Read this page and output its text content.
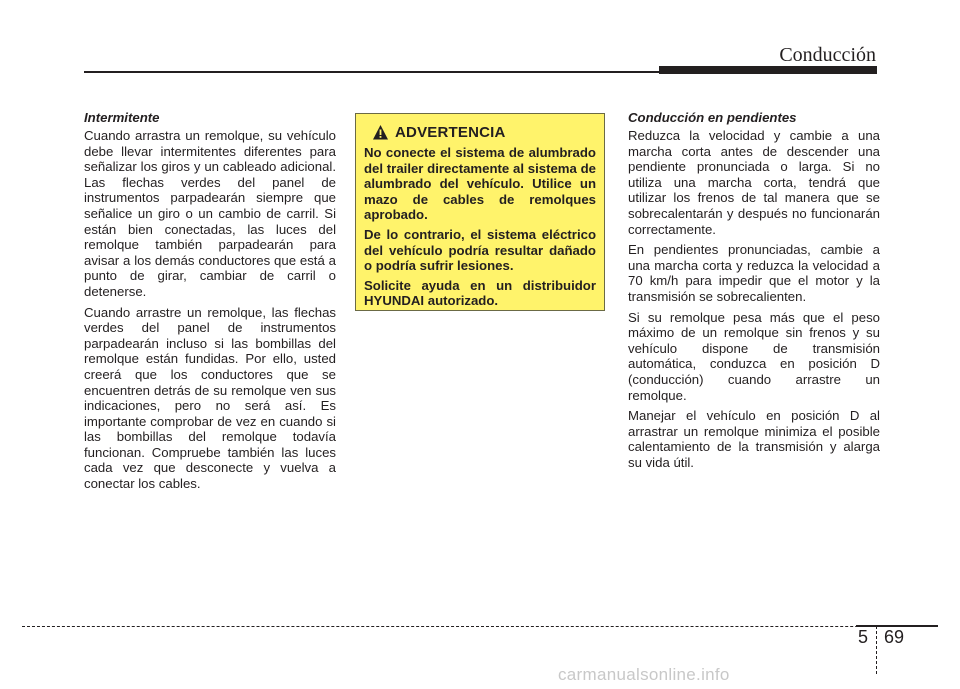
Conducción
Intermitente

Cuando arrastra un remolque, su vehículo debe llevar intermitentes diferentes para señalizar los giros y un cableado adicional. Las flechas verdes del panel de instrumentos parpadearán siempre que señalice un giro o un cambio de carril. Si están bien conectadas, las luces del remolque también parpadearán para avisar a los demás conductores que está a punto de girar, cambiar de carril o detenerse.

Cuando arrastre un remolque, las flechas verdes del panel de instrumentos parpadearán incluso si las bombillas del remolque están fundidas. Por ello, usted creerá que los conductores que se encuentren detrás de su remolque ven sus indicaciones, pero no será así. Es importante comprobar de vez en cuando si las bombillas del remolque todavía funcionan. Compruebe también las luces cada vez que desconecte y vuelva a conectar los cables.

ADVERTENCIA

No conecte el sistema de alumbrado del trailer directamente al sistema de alumbrado del vehículo. Utilice un mazo de cables de remolques aprobado.

De lo contrario, el sistema eléctrico del vehículo podría resultar dañado o podría sufrir lesiones.

Solicite ayuda en un distribuidor HYUNDAI autorizado.

Conducción en pendientes

Reduzca la velocidad y cambie a una marcha corta antes de descender una pendiente pronunciada o larga. Si no utiliza una marcha corta, tendrá que utilizar los frenos de tal manera que se sobrecalentarán y después no funcionarán correctamente.

En pendientes pronunciadas, cambie a una marcha corta y reduzca la velocidad a 70 km/h para impedir que el motor y la transmisión se sobrecalienten.

Si su remolque pesa más que el peso máximo de un remolque sin frenos y su vehículo dispone de transmisión automática, conduzca en posición D (conducción) cuando arrastre un remolque.

Manejar el vehículo en posición D al arrastrar un remolque minimiza el posible calentamiento de la transmisión y alarga su vida útil.

5 69
carmanualsonline.info
